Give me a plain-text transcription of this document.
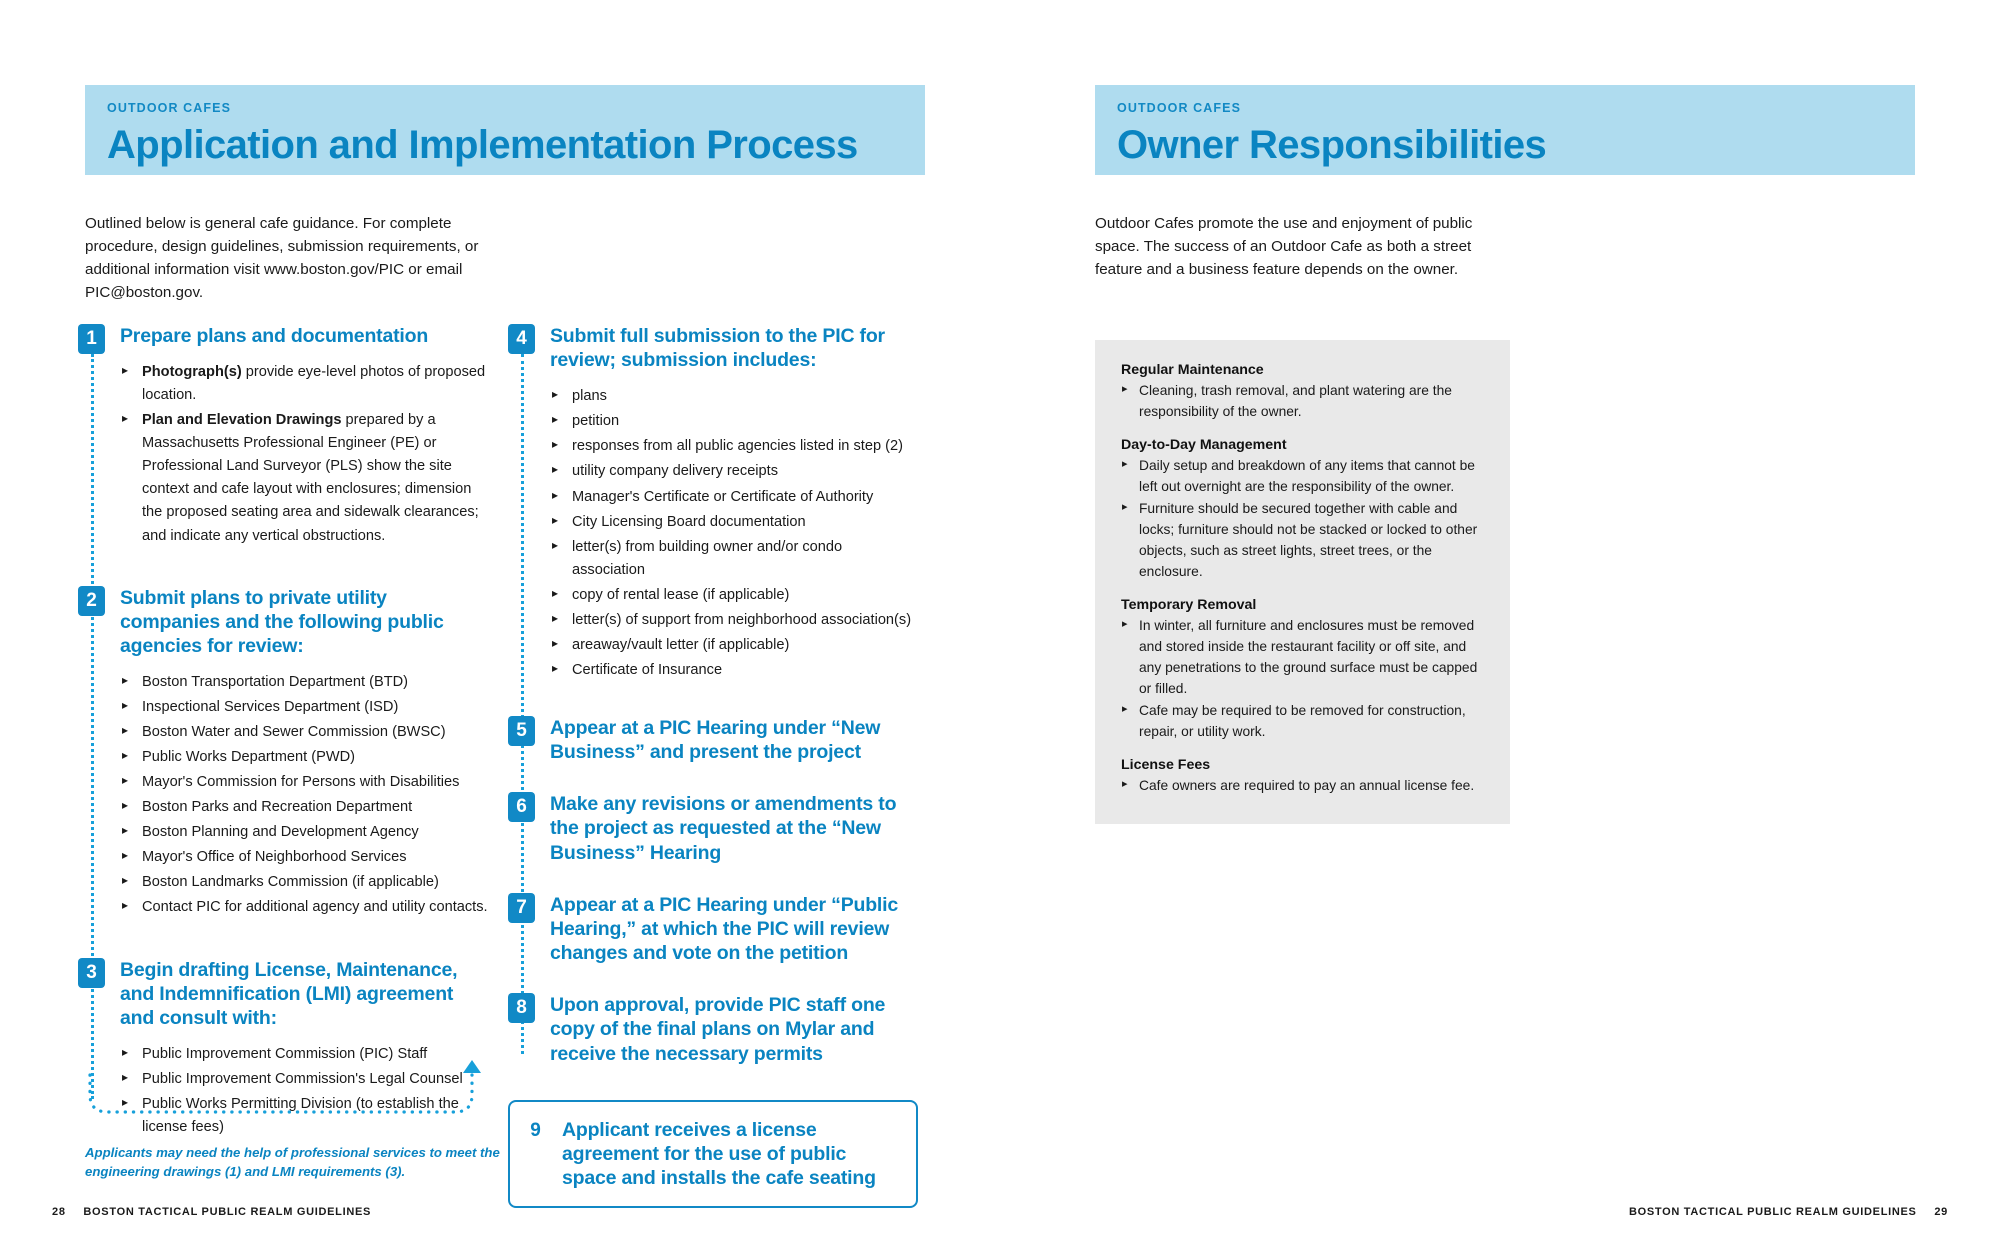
OUTDOOR CAFES
Application and Implementation Process
Outlined below is general cafe guidance. For complete procedure, design guidelines, submission requirements, or additional information visit www.boston.gov/PIC or email PIC@boston.gov.
1	Prepare plans and documentation
▸ Photograph(s) provide eye-level photos of proposed location.
▸ Plan and Elevation Drawings prepared by a Massachusetts Professional Engineer (PE) or Professional Land Surveyor (PLS) show the site context and cafe layout with enclosures; dimension the proposed seating area and sidewalk clearances; and indicate any vertical obstructions.
2	Submit plans to private utility companies and the following public agencies for review:
▸ Boston Transportation Department (BTD)
▸ Inspectional Services Department (ISD)
▸ Boston Water and Sewer Commission (BWSC)
▸ Public Works Department (PWD)
▸ Mayor's Commission for Persons with Disabilities
▸ Boston Parks and Recreation Department
▸ Boston Planning and Development Agency
▸ Mayor's Office of Neighborhood Services
▸ Boston Landmarks Commission (if applicable)
▸ Contact PIC for additional agency and utility contacts.
3	Begin drafting License, Maintenance, and Indemnification (LMI) agreement and consult with:
▸ Public Improvement Commission (PIC) Staff
▸ Public Improvement Commission's Legal Counsel
▸ Public Works Permitting Division (to establish the license fees)
4	Submit full submission to the PIC for review; submission includes:
▸ plans
▸ petition
▸ responses from all public agencies listed in step (2)
▸ utility company delivery receipts
▸ Manager's Certificate or Certificate of Authority
▸ City Licensing Board documentation
▸ letter(s) from building owner and/or condo association
▸ copy of rental lease (if applicable)
▸ letter(s) of support from neighborhood association(s)
▸ areaway/vault letter (if applicable)
▸ Certificate of Insurance
5	Appear at a PIC Hearing under “New Business” and present the project
6	Make any revisions or amendments to the project as requested at the “New Business” Hearing
7	Appear at a PIC Hearing under “Public Hearing,” at which the PIC will review changes and vote on the petition
8	Upon approval, provide PIC staff one copy of the final plans on Mylar and receive the necessary permits
9	Applicant receives a license agreement for the use of public space and installs the cafe seating
Applicants may need the help of professional services to meet the engineering drawings (1) and LMI requirements (3).
28 BOSTON TACTICAL PUBLIC REALM GUIDELINES
OUTDOOR CAFES
Owner Responsibilities
Outdoor Cafes promote the use and enjoyment of public space. The success of an Outdoor Cafe as both a street feature and a business feature depends on the owner.
Regular Maintenance
▸ Cleaning, trash removal, and plant watering are the responsibility of the owner.
Day-to-Day Management
▸ Daily setup and breakdown of any items that cannot be left out overnight are the responsibility of the owner.
▸ Furniture should be secured together with cable and locks; furniture should not be stacked or locked to other objects, such as street lights, street trees, or the enclosure.
Temporary Removal
▸ In winter, all furniture and enclosures must be removed and stored inside the restaurant facility or off site, and any penetrations to the ground surface must be capped or filled.
▸ Cafe may be required to be removed for construction, repair, or utility work.
License Fees
▸ Cafe owners are required to pay an annual license fee.
BOSTON TACTICAL PUBLIC REALM GUIDELINES 29
